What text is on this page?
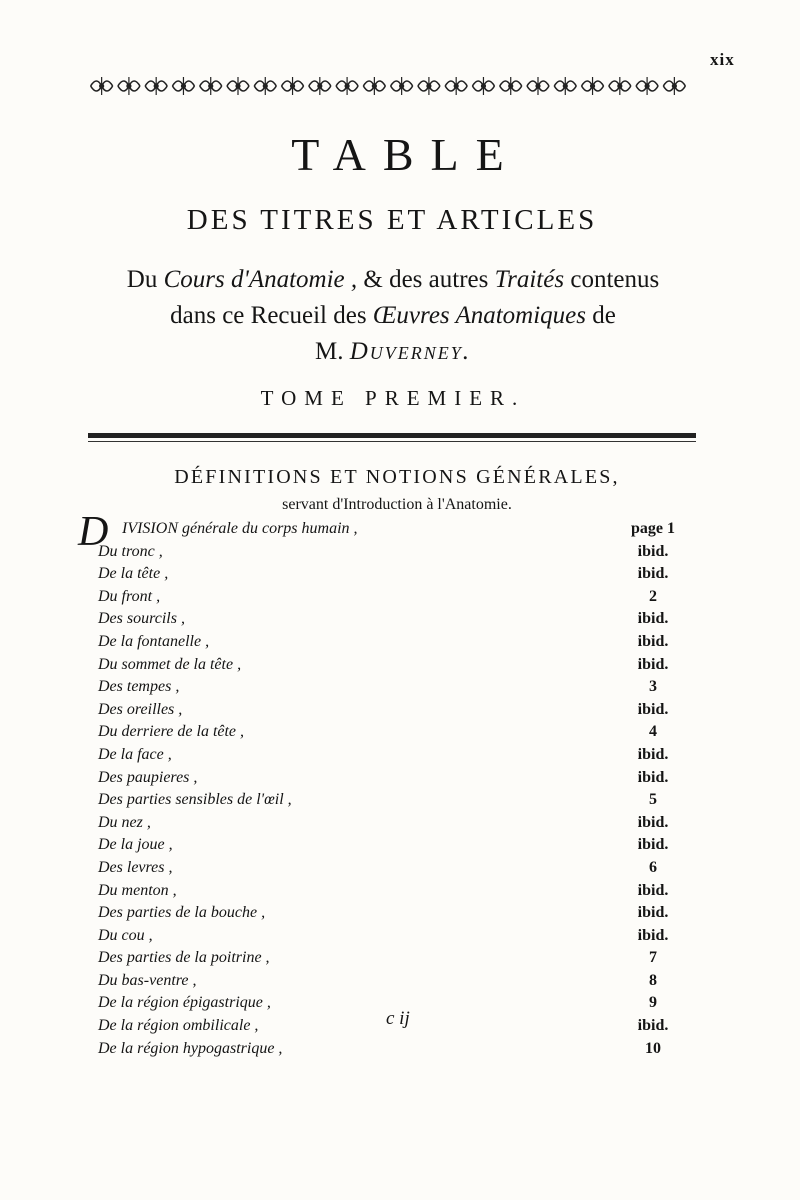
xix
TABLE
DES TITRES ET ARTICLES
Du Cours d'Anatomie , & des autres Traités contenus
dans ce Recueil des Œuvres Anatomiques de
M. Duverney.
TOME PREMIER.
DÉFINITIONS ET NOTIONS GÉNÉRALES,
servant d'Introduction à l'Anatomie.
D IVISION générale du corps humain ,	page 1
Du tronc ,	ibid.
De la tête ,	ibid.
Du front ,	2
Des sourcils ,	ibid.
De la fontanelle ,	ibid.
Du sommet de la tête ,	ibid.
Des tempes ,	3
Des oreilles ,	ibid.
Du derriere de la tête ,	4
De la face ,	ibid.
Des paupieres ,	ibid.
Des parties sensibles de l'œil ,	5
Du nez ,	ibid.
De la joue ,	ibid.
Des levres ,	6
Du menton ,	ibid.
Des parties de la bouche ,	ibid.
Du cou ,	ibid.
Des parties de la poitrine ,	7
Du bas-ventre ,	8
De la région épigastrique ,	9
De la région ombilicale ,	ibid.
De la région hypogastrique ,	10
c ij
